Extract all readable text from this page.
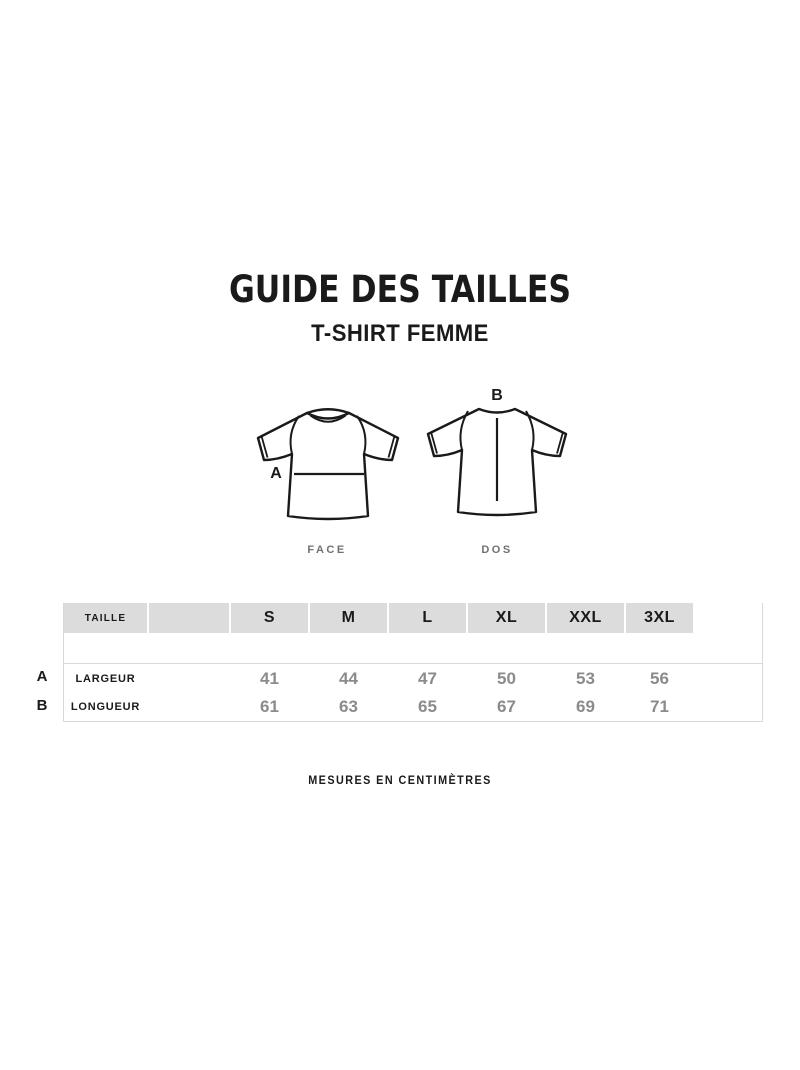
GUIDE DES TAILLES
T-SHIRT FEMME
A
B
FACE	DOS
TAILLE	S	M	L	XL	XXL	3XL
LARGEUR	41	44	47	50	53	56
LONGUEUR	61	63	65	67	69	71
A
B
MESURES EN CENTIMÈTRES
